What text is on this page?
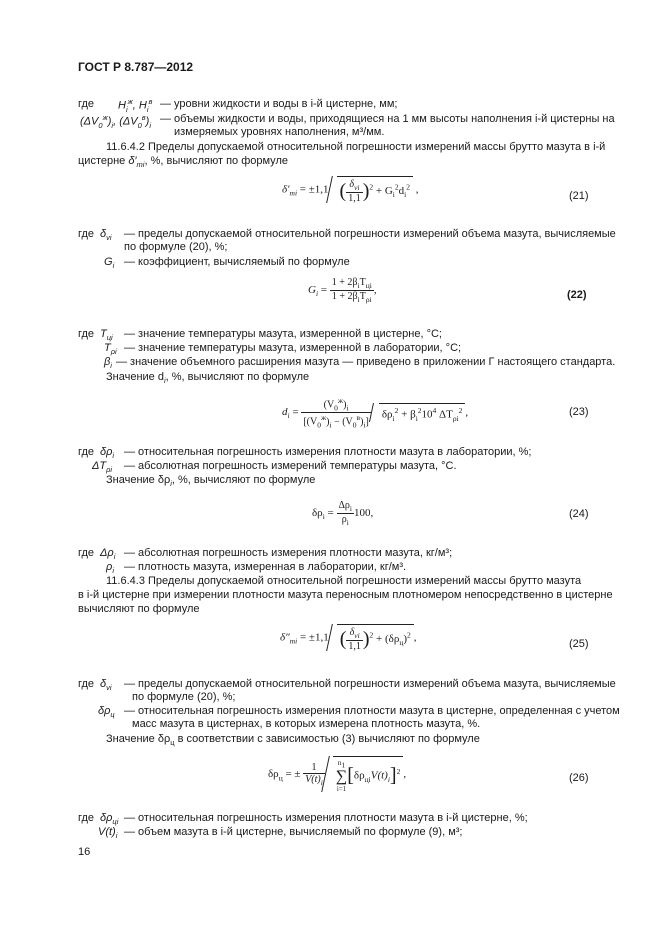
ГОСТ Р 8.787—2012
где $H_i^ж$, $H_i^в$ — уровни жидкости и воды в i-й цистерне, мм;
$(\Delta V_0^ж)_i$, $(\Delta V_0^в)_i$
— объемы жидкости и воды, приходящиеся на 1 мм высоты наполнения i-й цистерны на
измеряемых уровнях наполнения, м³/мм.
11.6.4.2 Пределы допускаемой относительной погрешности измерений массы брутто мазута в i-й
цистерне $\delta'_{mi}$, %, вычисляют по формуле
$\delta'_{mi} = \pm 1,1$ ( $\frac{\delta_{vi}}{1,1} )^2 + G_i^2d_i^2$ ,
(21)
где $\delta_{vi}$ — пределы допускаемой относительной погрешности измерений объема мазута, вычисляемые
по формуле (20), %;
$G_i$ — коэффициент, вычисляемый по формуле
$G_i = \frac{1 + 2\beta_iT_{цi}}{1 + 2\beta_iT_{\rho i}}$ ,	(22)
где $T_{цi}$ — значение температуры мазута, измеренной в цистерне, °C;
$T_{\rho i}$ — значение температуры мазута, измеренной в лаборатории, °C;
$\beta_i$ — значение объемного расширения мазута — приведено в приложении Г настоящего стандарта.
Значение $d_i$, %, вычисляют по формуле
$d_i = \frac{(V_0^ж)_i}{[(V_0^ж)_i - (V_0^в)_i]} \delta\rho_i^2 + \beta_i^210^4$ $\Delta T_{\rho i}^2$ ,	(23)
где $\delta\rho_i$ — относительная погрешность измерения плотности мазута в лаборатории, %;
$\Delta T_{\rho i}$ — абсолютная погрешность измерений температуры мазута, °C.
Значение $\delta\rho_i$, %, вычисляют по формуле
$\delta\rho_i = \frac{\Delta\rho_i}{\rho_i} 100$,	(24)
где $\Delta\rho_i$ — абсолютная погрешность измерения плотности мазута, кг/м³;
$\rho_i$ — плотность мазута, измеренная в лаборатории, кг/м³.
11.6.4.3 Пределы допускаемой относительной погрешности измерений массы брутто мазута
в i-й цистерне при измерении плотности мазута переносным плотномером непосредственно в цистерне
вычисляют по формуле
$\delta''_{mi} = \pm 1,1$ ( $\frac{\delta_{vi}}{1,1} )^2 + (\delta\rho_ц)^2$ ,
(25)
где $\delta_{vi}$ — пределы допускаемой относительной погрешности измерений объема мазута, вычисляемые
по формуле (20), %;
$\delta\rho_ц$ — относительная погрешность измерения плотности мазута в цистерне, определенная с учетом
масс мазута в цистернах, в которых измерена плотность мазута, %.
Значение $\delta\rho_ц$ в соответствии с зависимостью (3) вычисляют по формуле
$\delta\rho_ц$ = ± $\frac{1}{V(t)_i} n_1$
∑
i=1
$[\delta\rho_{цi}V(t)_i]^2$ ,	(26)
где $\delta\rho_{цi}$ — относительная погрешность измерения плотности мазута в i-й цистерне, %;
$V(t)_i$ — объем мазута в i-й цистерне, вычисляемый по формуле (9), м³;
16
